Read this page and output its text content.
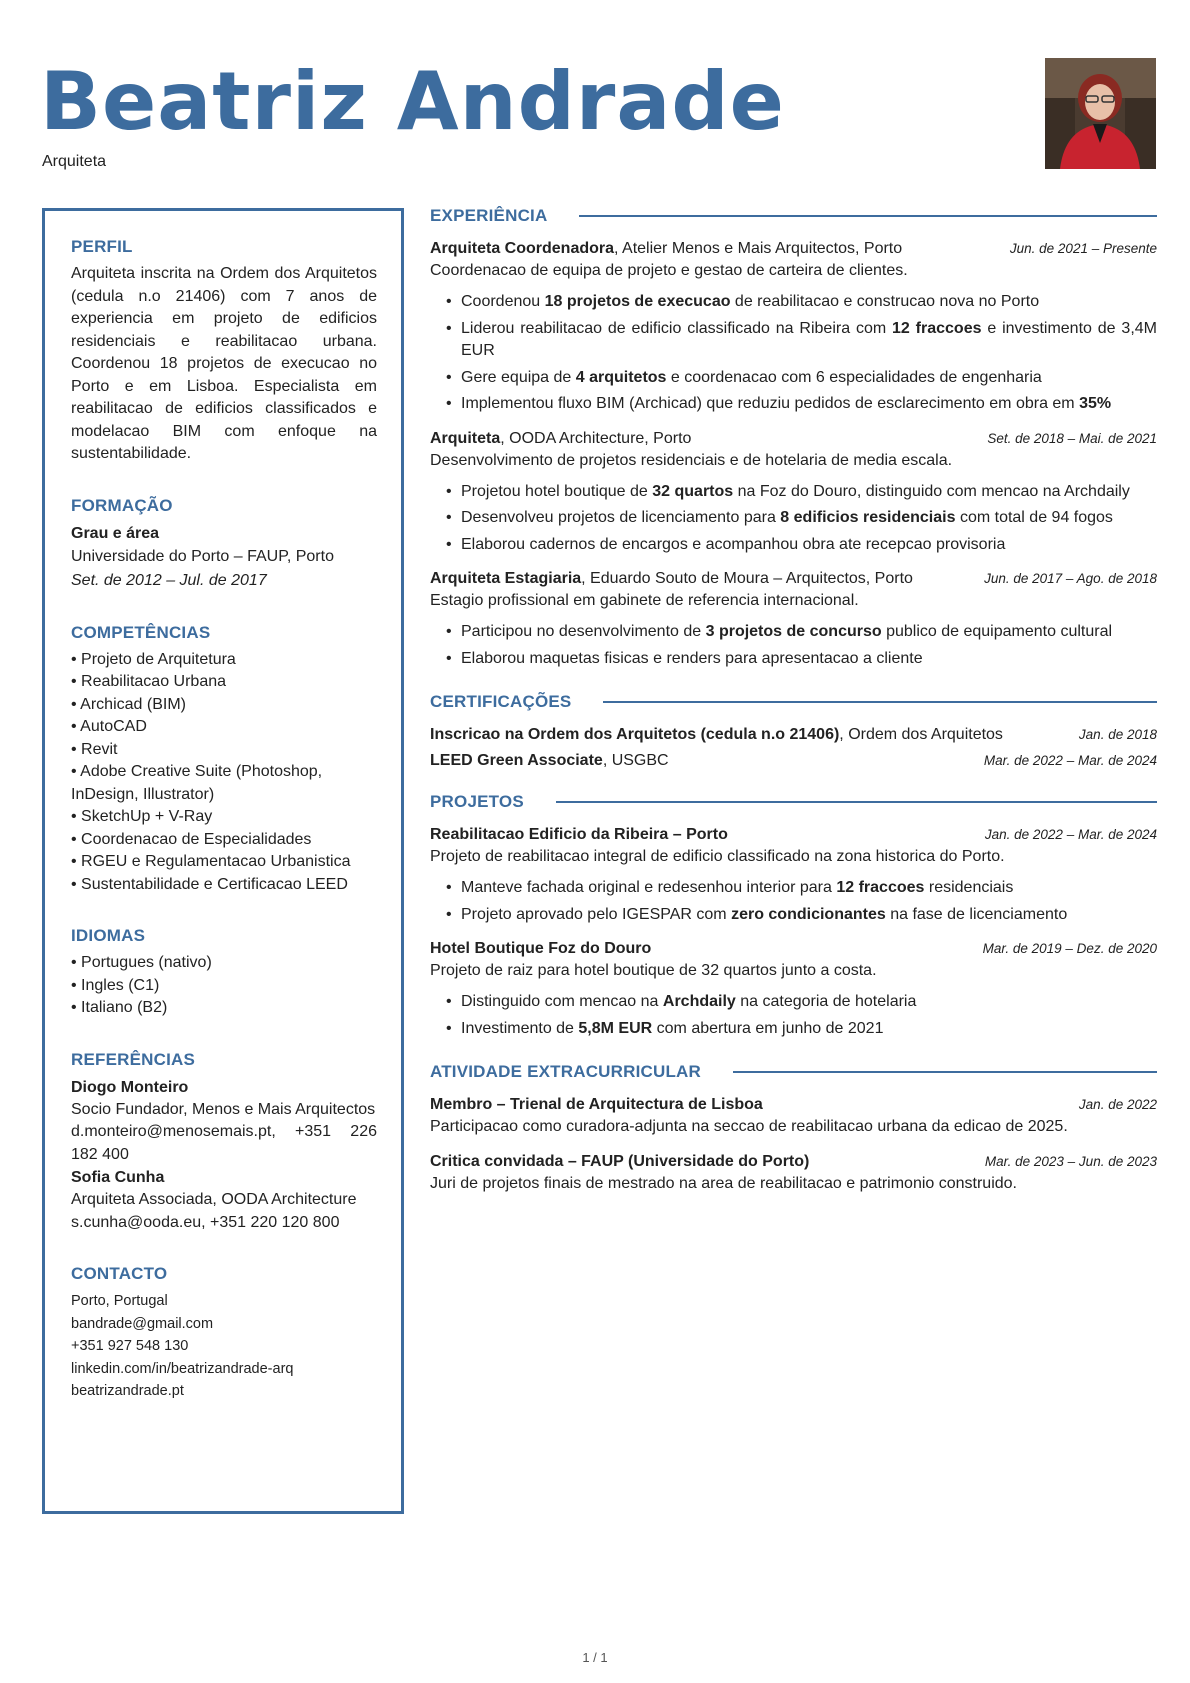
Beatriz Andrade
Arquiteta
PERFIL
Arquiteta inscrita na Ordem dos Arquitetos (cedula n.o 21406) com 7 anos de experiencia em projeto de edificios residenciais e reabilitacao urbana. Coordenou 18 projetos de execucao no Porto e em Lisboa. Especialista em reabilitacao de edificios classificados e modelacao BIM com enfoque na sustentabilidade.
FORMAÇÃO
Grau e área
Universidade do Porto – FAUP, Porto
Set. de 2012 – Jul. de 2017
COMPETÊNCIAS
• Projeto de Arquitetura
• Reabilitacao Urbana
• Archicad (BIM)
• AutoCAD
• Revit
• Adobe Creative Suite (Photoshop, InDesign, Illustrator)
• SketchUp + V-Ray
• Coordenacao de Especialidades
• RGEU e Regulamentacao Urbanistica
• Sustentabilidade e Certificacao LEED
IDIOMAS
• Portugues (nativo)
• Ingles (C1)
• Italiano (B2)
REFERÊNCIAS
Diogo Monteiro
Socio Fundador, Menos e Mais Arquitectos
d.monteiro@menosemais.pt, +351 226 182 400
Sofia Cunha
Arquiteta Associada, OODA Architecture
s.cunha@ooda.eu, +351 220 120 800
CONTACTO
Porto, Portugal
bandrade@gmail.com
+351 927 548 130
linkedin.com/in/beatrizandrade-arq
beatrizandrade.pt
EXPERIÊNCIA
Arquiteta Coordenadora, Atelier Menos e Mais Arquitectos, Porto	Jun. de 2021 – Presente
Coordenacao de equipa de projeto e gestao de carteira de clientes.
• Coordenou 18 projetos de execucao de reabilitacao e construcao nova no Porto
• Liderou reabilitacao de edificio classificado na Ribeira com 12 fraccoes e investimento de 3,4M EUR
• Gere equipa de 4 arquitetos e coordenacao com 6 especialidades de engenharia
• Implementou fluxo BIM (Archicad) que reduziu pedidos de esclarecimento em obra em 35%
Arquiteta, OODA Architecture, Porto	Set. de 2018 – Mai. de 2021
Desenvolvimento de projetos residenciais e de hotelaria de media escala.
• Projetou hotel boutique de 32 quartos na Foz do Douro, distinguido com mencao na Archdaily
• Desenvolveu projetos de licenciamento para 8 edificios residenciais com total de 94 fogos
• Elaborou cadernos de encargos e acompanhou obra ate recepcao provisoria
Arquiteta Estagiaria, Eduardo Souto de Moura – Arquitectos, Porto	Jun. de 2017 – Ago. de 2018
Estagio profissional em gabinete de referencia internacional.
• Participou no desenvolvimento de 3 projetos de concurso publico de equipamento cultural
• Elaborou maquetas fisicas e renders para apresentacao a cliente
CERTIFICAÇÕES
Inscricao na Ordem dos Arquitetos (cedula n.o 21406), Ordem dos Arquitetos	Jan. de 2018
LEED Green Associate, USGBC	Mar. de 2022 – Mar. de 2024
PROJETOS
Reabilitacao Edificio da Ribeira – Porto	Jan. de 2022 – Mar. de 2024
Projeto de reabilitacao integral de edificio classificado na zona historica do Porto.
• Manteve fachada original e redesenhou interior para 12 fraccoes residenciais
• Projeto aprovado pelo IGESPAR com zero condicionantes na fase de licenciamento
Hotel Boutique Foz do Douro	Mar. de 2019 – Dez. de 2020
Projeto de raiz para hotel boutique de 32 quartos junto a costa.
• Distinguido com mencao na Archdaily na categoria de hotelaria
• Investimento de 5,8M EUR com abertura em junho de 2021
ATIVIDADE EXTRACURRICULAR
Membro – Trienal de Arquitectura de Lisboa	Jan. de 2022
Participacao como curadora-adjunta na seccao de reabilitacao urbana da edicao de 2025.
Critica convidada – FAUP (Universidade do Porto)	Mar. de 2023 – Jun. de 2023
Juri de projetos finais de mestrado na area de reabilitacao e patrimonio construido.
1 / 1
